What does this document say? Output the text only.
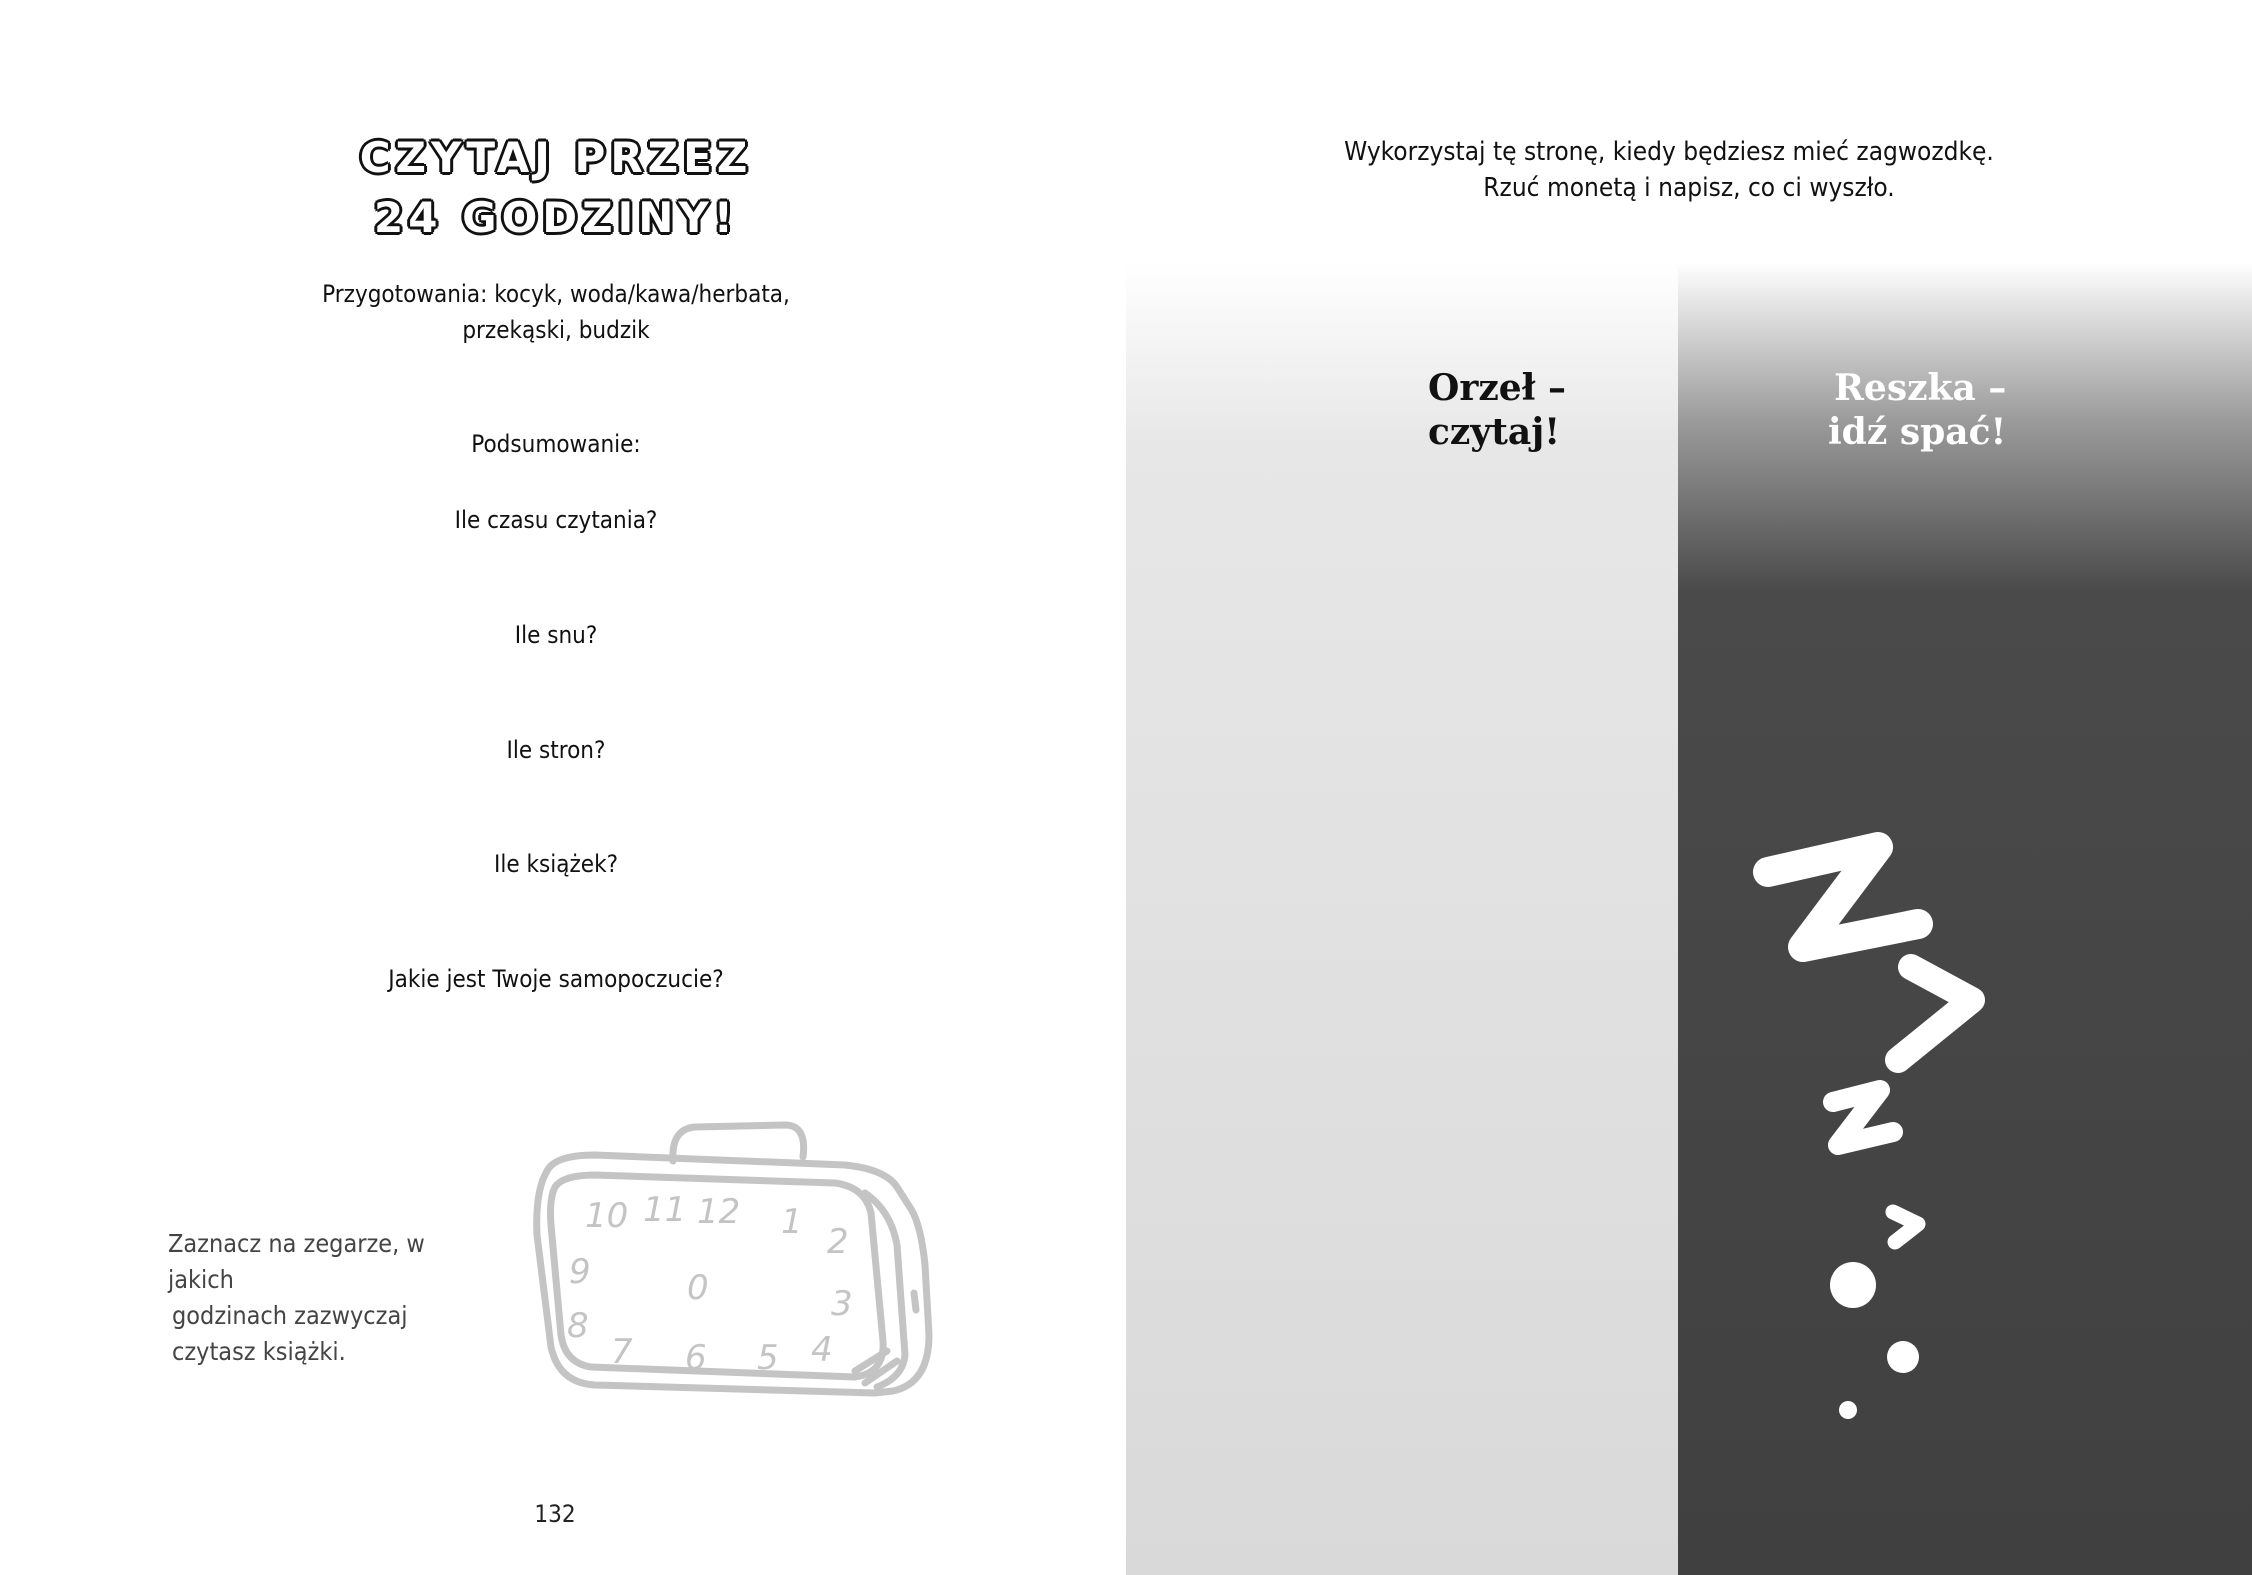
CZYTAJ PRZEZ
24 GODZINY!
Przygotowania: kocyk, woda/kawa/herbata,
przekąski, budzik
Podsumowanie:
Ile czasu czytania?
Ile snu?
Ile stron?
Ile książek?
Jakie jest Twoje samopoczucie?
Zaznacz na zegarze, w jakich
godzinach zazwyczaj
czytasz książki.
10 11 12 1 2
9	0	3
8
7 6 5 4
132
Wykorzystaj tę stronę, kiedy będziesz mieć zagwozdkę.
Rzuć monetą i napisz, co ci wyszło.
Orzeł –
czytaj!
Reszka –
idź spać!
